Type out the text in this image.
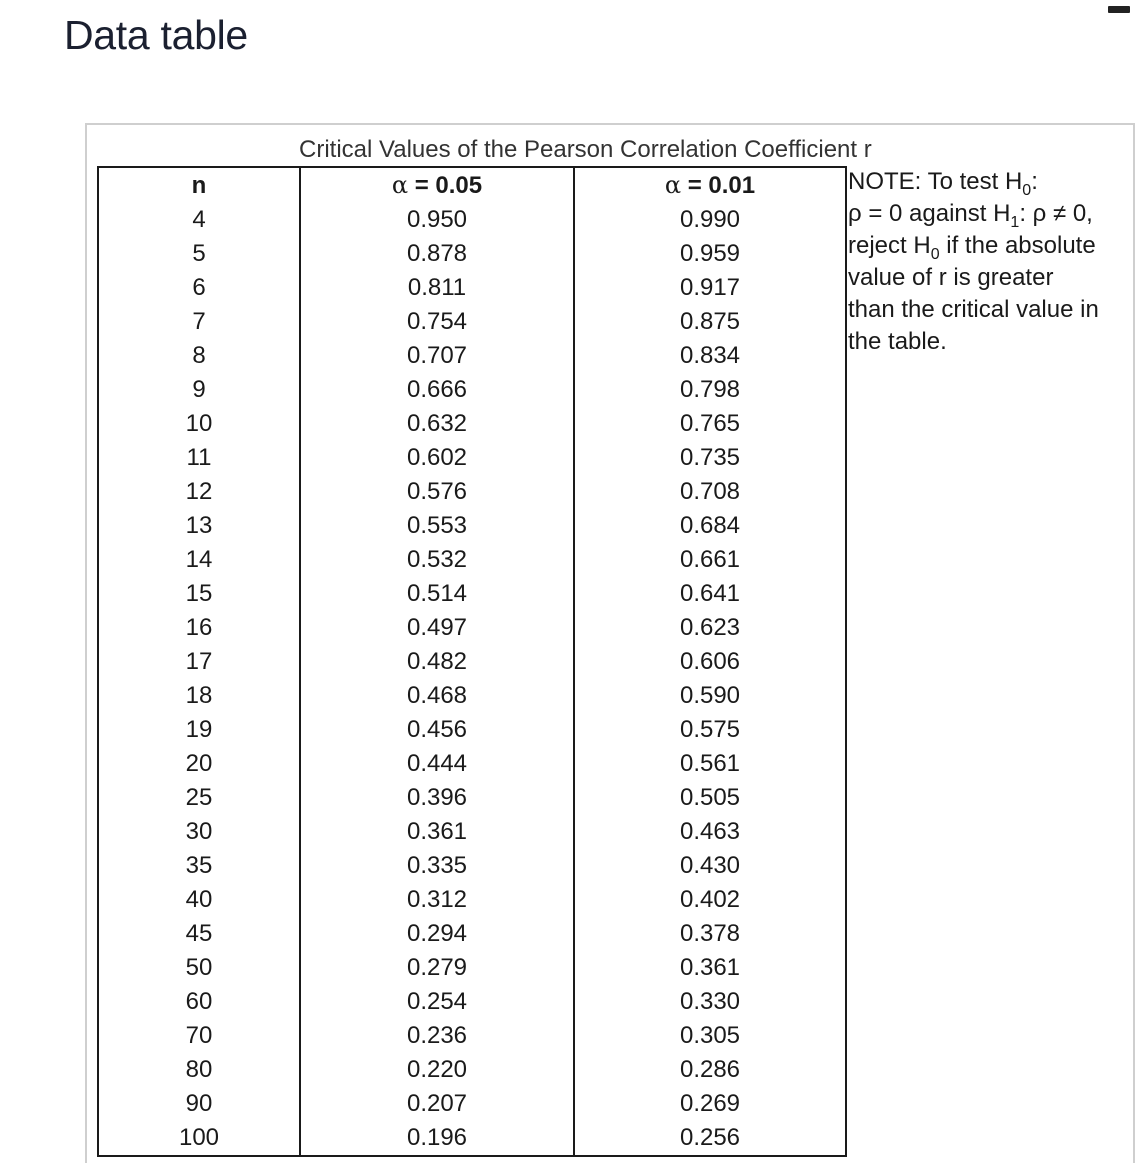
Data table
Critical Values of the Pearson Correlation Coefficient r
n	α = 0.05	α = 0.01
4	0.950	0.990
5	0.878	0.959
6	0.811	0.917
7	0.754	0.875
8	0.707	0.834
9	0.666	0.798
10	0.632	0.765
11	0.602	0.735
12	0.576	0.708
13	0.553	0.684
14	0.532	0.661
15	0.514	0.641
16	0.497	0.623
17	0.482	0.606
18	0.468	0.590
19	0.456	0.575
20	0.444	0.561
25	0.396	0.505
30	0.361	0.463
35	0.335	0.430
40	0.312	0.402
45	0.294	0.378
50	0.279	0.361
60	0.254	0.330
70	0.236	0.305
80	0.220	0.286
90	0.207	0.269
100	0.196	0.256
NOTE: To test $H_0$:
ρ = 0 against $H_1$: ρ ≠ 0,
reject $H_0$ if the absolute
value of r is greater
than the critical value in
the table.
